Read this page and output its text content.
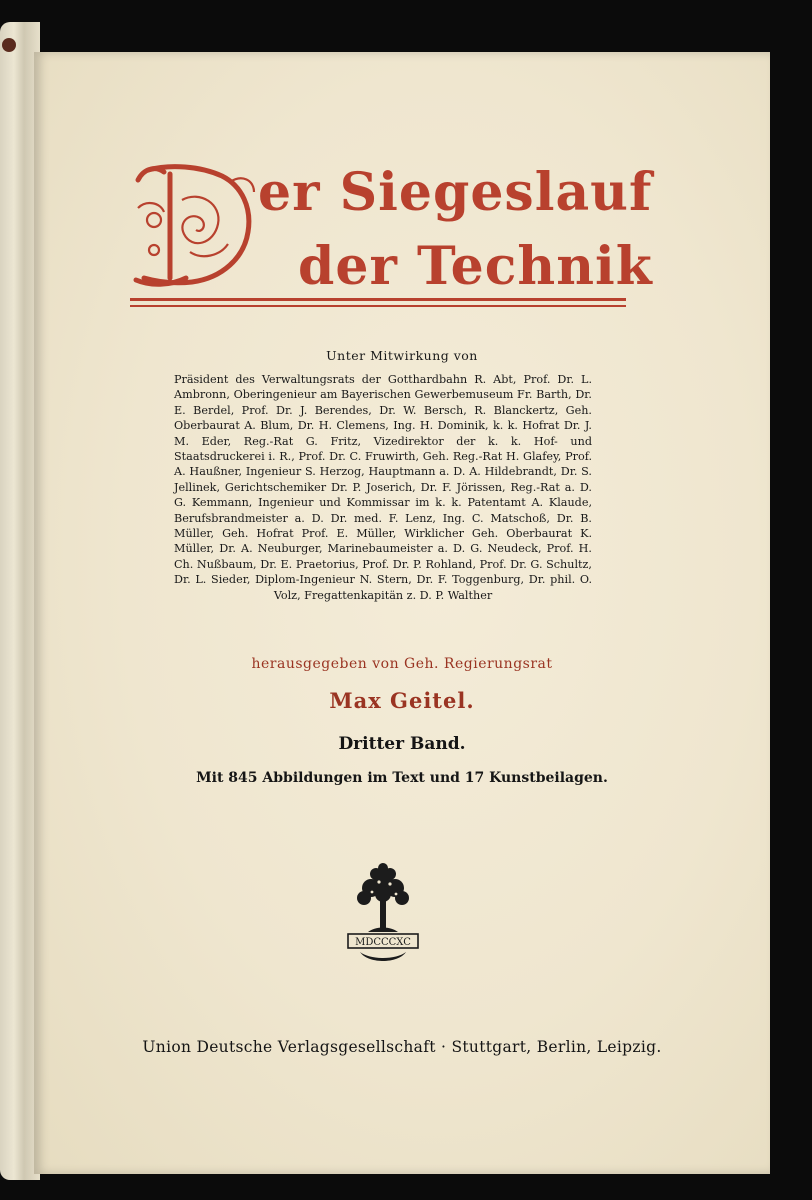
er Siegeslauf
der Technik
Unter Mitwirkung von
Präsident des Verwaltungsrats der Gotthardbahn R. Abt, Prof. Dr. L. Ambronn, Oberingenieur am Bayerischen Gewerbemuseum Fr. Barth, Dr. E. Berdel, Prof. Dr. J. Berendes, Dr. W. Bersch, R. Blanckertz, Geh. Oberbaurat A. Blum, Dr. H. Clemens, Ing. H. Dominik, k. k. Hofrat Dr. J. M. Eder, Reg.-Rat G. Fritz, Vizedirektor der k. k. Hof- und Staatsdruckerei i. R., Prof. Dr. C. Fruwirth, Geh. Reg.-Rat H. Glafey, Prof. A. Haußner, Ingenieur S. Herzog, Hauptmann a. D. A. Hildebrandt, Dr. S. Jellinek, Gerichtschemiker Dr. P. Joserich, Dr. F. Jörissen, Reg.-Rat a. D. G. Kemmann, Ingenieur und Kommissar im k. k. Patentamt A. Klaude, Berufsbrandmeister a. D. Dr. med. F. Lenz, Ing. C. Matschoß, Dr. B. Müller, Geh. Hofrat Prof. E. Müller, Wirklicher Geh. Oberbaurat K. Müller, Dr. A. Neuburger, Marinebaumeister a. D. G. Neudeck, Prof. H. Ch. Nußbaum, Dr. E. Praetorius, Prof. Dr. P. Rohland, Prof. Dr. G. Schultz, Dr. L. Sieder, Diplom-Ingenieur N. Stern, Dr. F. Toggenburg, Dr. phil. O. Volz, Fregattenkapitän z. D. P. Walther
herausgegeben von Geh. Regierungsrat
Max Geitel.
Dritter Band.
Mit 845 Abbildungen im Text und 17 Kunstbeilagen.
MDCCCXC
Union Deutsche Verlagsgesellschaft · Stuttgart, Berlin, Leipzig.
